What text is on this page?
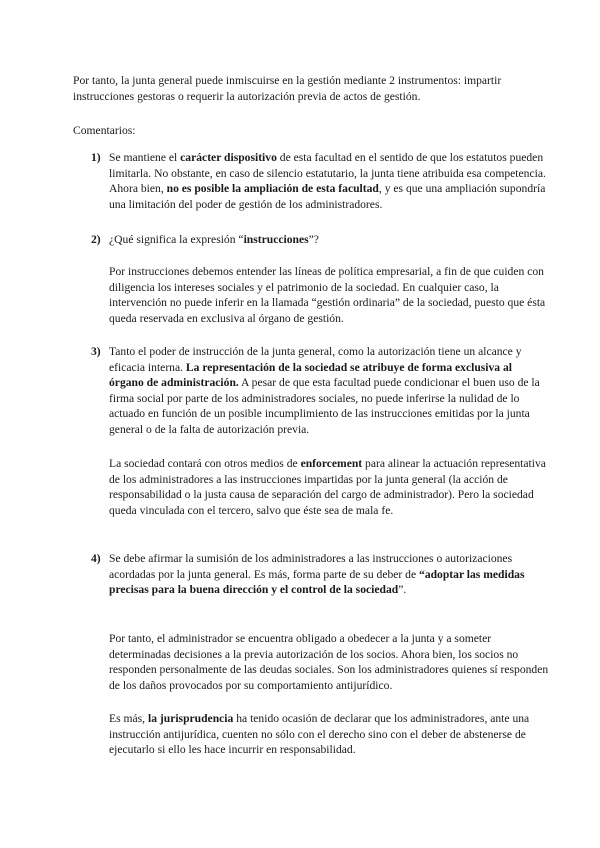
Por tanto, la junta general puede inmiscuirse en la gestión mediante 2 instrumentos: impartir instrucciones gestoras o requerir la autorización previa de actos de gestión.

Comentarios:

1) Se mantiene el carácter dispositivo de esta facultad en el sentido de que los estatutos pueden limitarla. No obstante, en caso de silencio estatutario, la junta tiene atribuida esa competencia. Ahora bien, no es posible la ampliación de esta facultad, y es que una ampliación supondría una limitación del poder de gestión de los administradores.

2) ¿Qué significa la expresión “instrucciones”?

Por instrucciones debemos entender las líneas de política empresarial, a fin de que cuiden con diligencia los intereses sociales y el patrimonio de la sociedad. En cualquier caso, la intervención no puede inferir en la llamada “gestión ordinaria” de la sociedad, puesto que ésta queda reservada en exclusiva al órgano de gestión.

3) Tanto el poder de instrucción de la junta general, como la autorización tiene un alcance y eficacia interna. La representación de la sociedad se atribuye de forma exclusiva al órgano de administración. A pesar de que esta facultad puede condicionar el buen uso de la firma social por parte de los administradores sociales, no puede inferirse la nulidad de lo actuado en función de un posible incumplimiento de las instrucciones emitidas por la junta general o de la falta de autorización previa.

La sociedad contará con otros medios de enforcement para alinear la actuación representativa de los administradores a las instrucciones impartidas por la junta general (la acción de responsabilidad o la justa causa de separación del cargo de administrador). Pero la sociedad queda vinculada con el tercero, salvo que éste sea de mala fe.

4) Se debe afirmar la sumisión de los administradores a las instrucciones o autorizaciones acordadas por la junta general. Es más, forma parte de su deber de “adoptar las medidas precisas para la buena dirección y el control de la sociedad”.

Por tanto, el administrador se encuentra obligado a obedecer a la junta y a someter determinadas decisiones a la previa autorización de los socios. Ahora bien, los socios no responden personalmente de las deudas sociales. Son los administradores quienes sí responden de los daños provocados por su comportamiento antijurídico.

Es más, la jurisprudencia ha tenido ocasión de declarar que los administradores, ante una instrucción antijurídica, cuenten no sólo con el derecho sino con el deber de abstenerse de ejecutarlo si ello les hace incurrir en responsabilidad.
